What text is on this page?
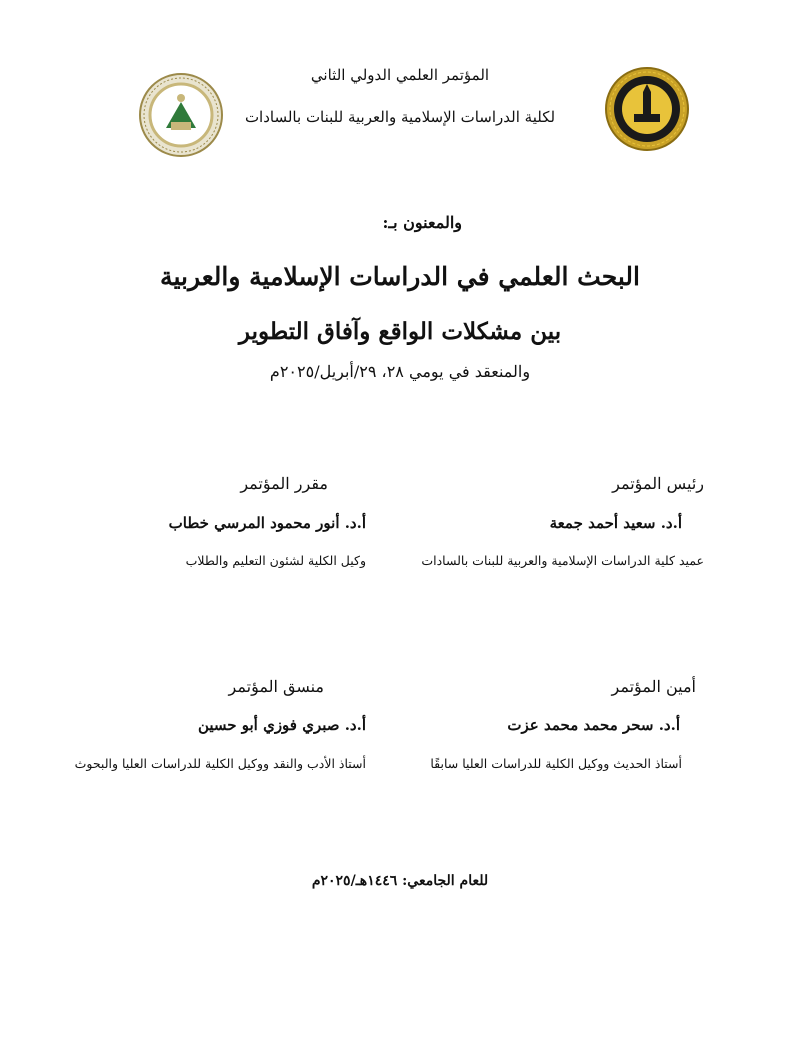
المؤتمر العلمي الدولي الثاني
لكلية الدراسات الإسلامية والعربية للبنات بالسادات
والمعنون بـ:
البحث العلمي في الدراسات الإسلامية والعربية
بين مشكلات الواقع وآفاق التطوير
والمنعقد في يومي ٢٨، ٢٩/أبريل/٢٠٢٥م
رئيس المؤتمر
أ.د. سعيد أحمد جمعة
عميد كلية الدراسات الإسلامية والعربية للبنات بالسادات
مقرر المؤتمر
أ.د. أنور محمود المرسي خطاب
وكيل الكلية لشئون التعليم والطلاب
أمين المؤتمر
أ.د. سحر محمد محمد عزت
أستاذ الحديث ووكيل الكلية للدراسات العليا سابقًا
منسق المؤتمر
أ.د. صبري فوزي أبو حسين
أستاذ الأدب والنقد ووكيل الكلية للدراسات العليا والبحوث
للعام الجامعي: ١٤٤٦هـ/٢٠٢٥م
